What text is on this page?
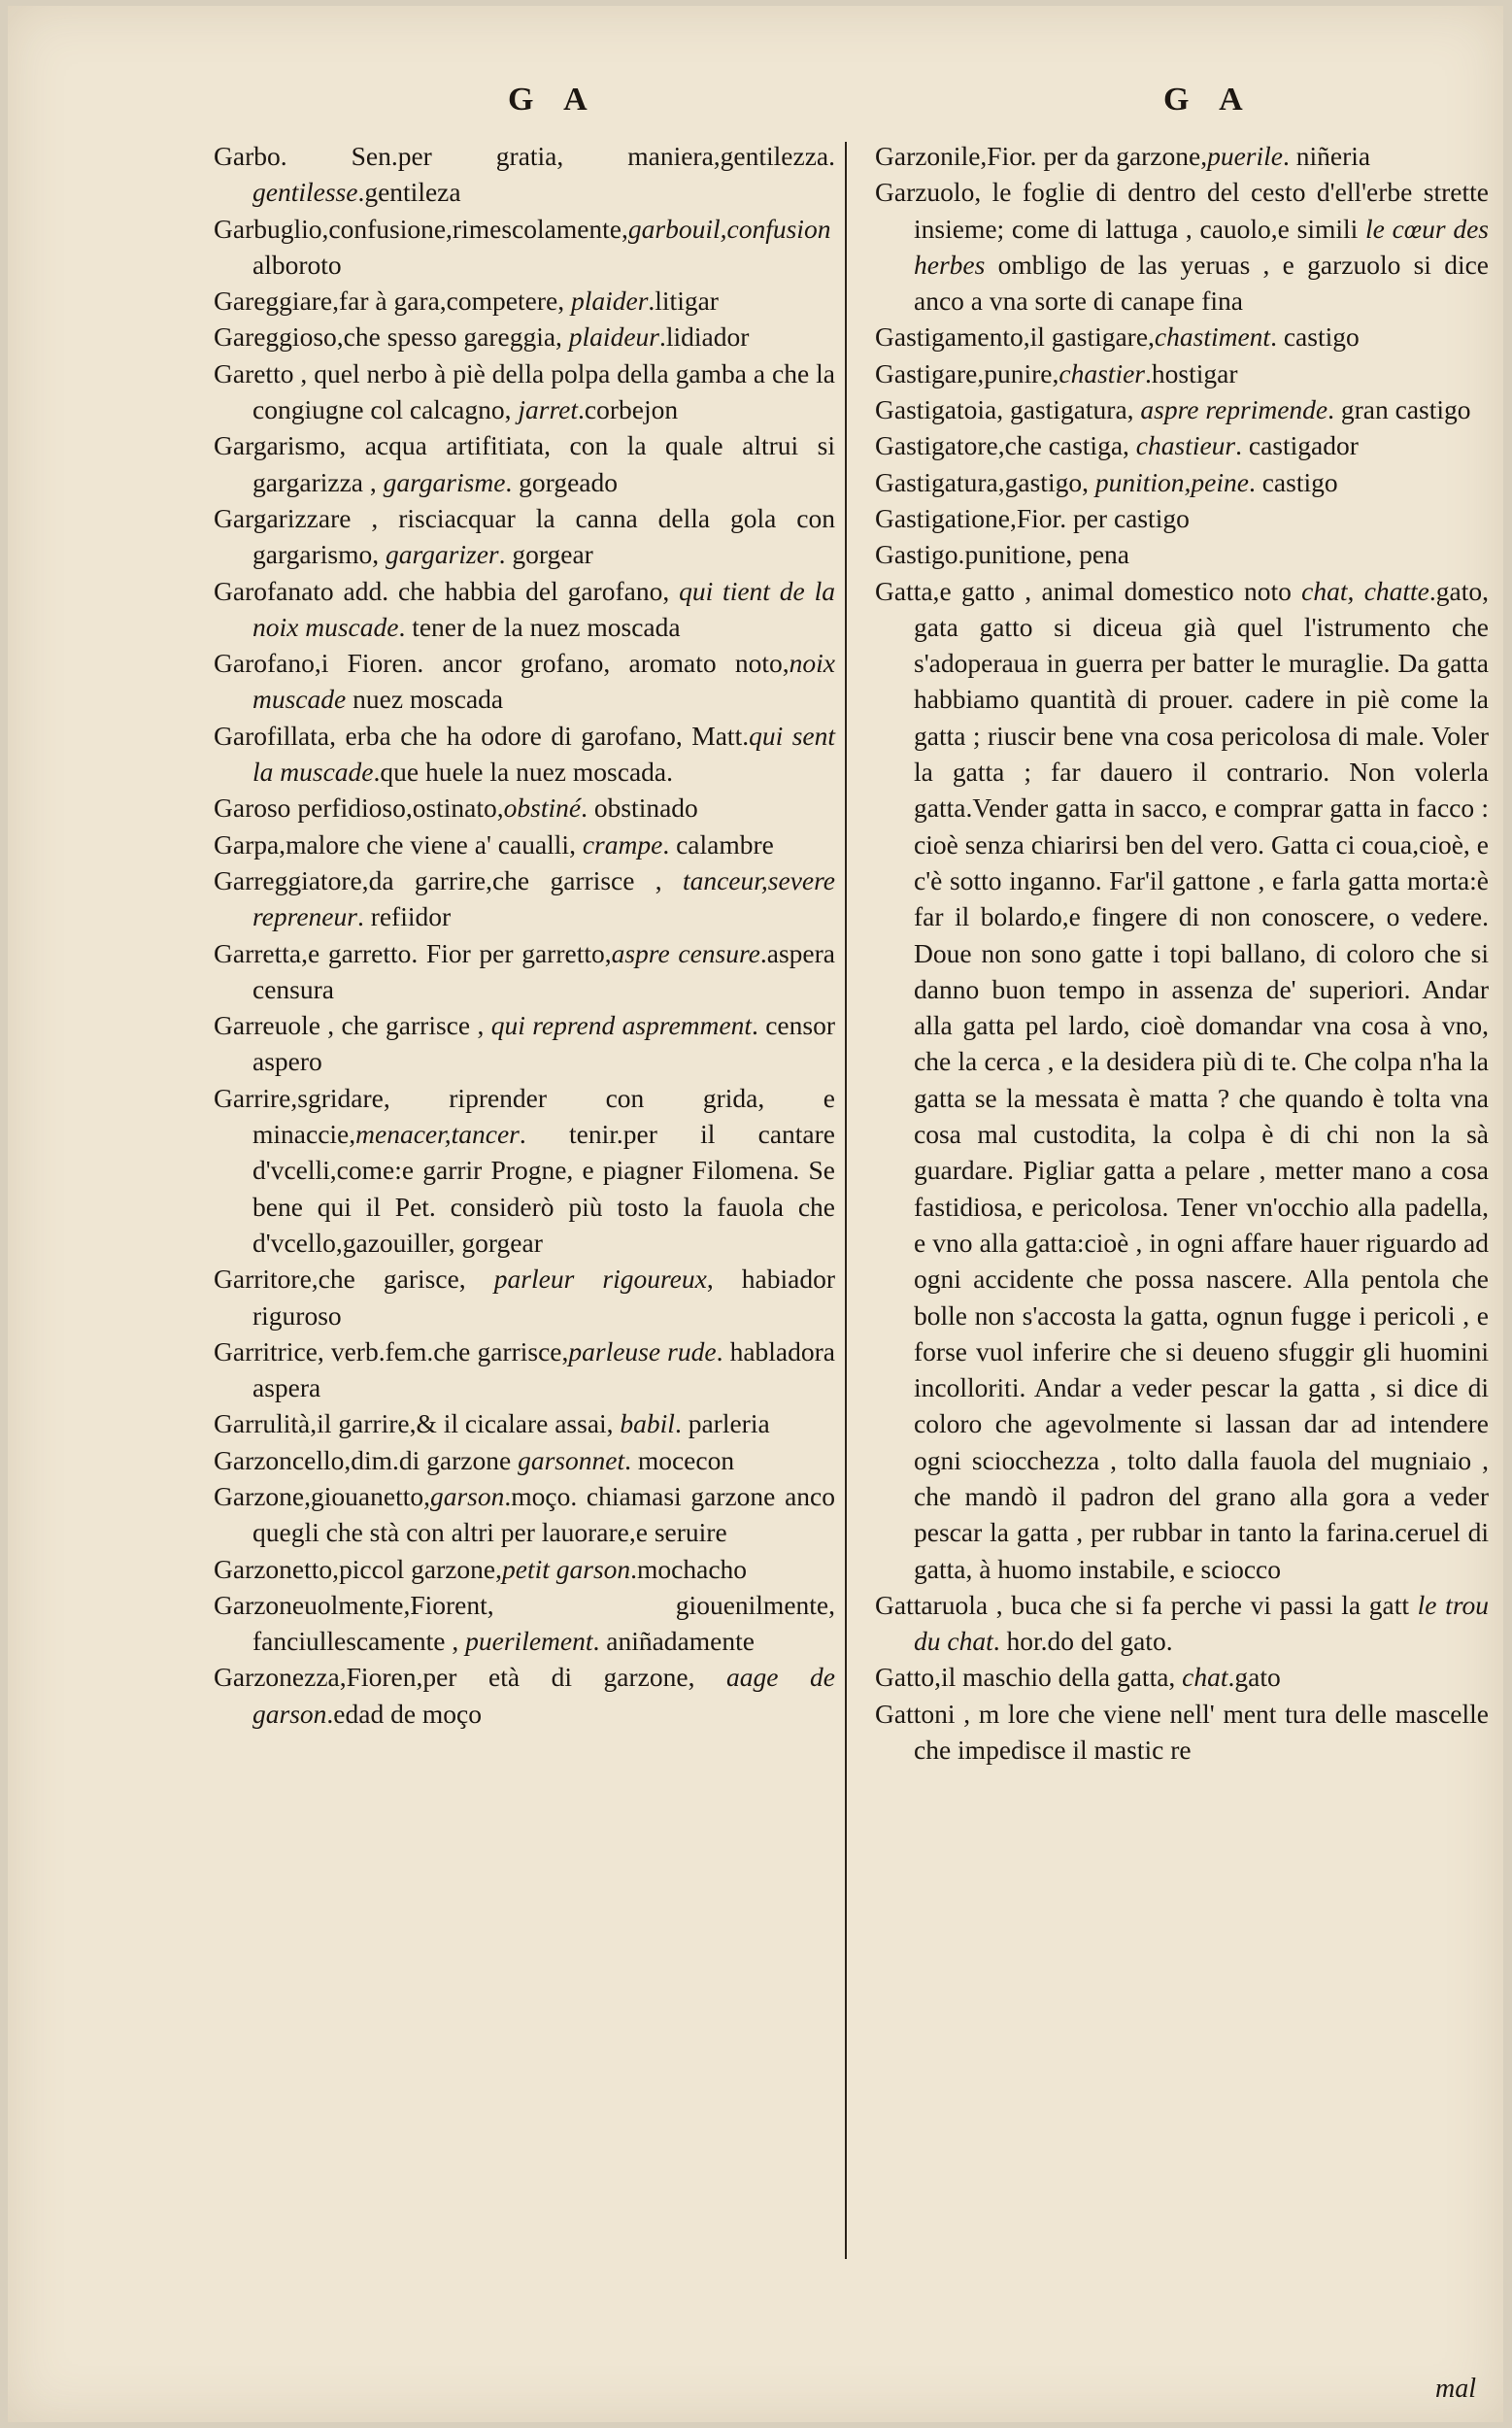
G A	G A

Garbo. Sen.per gratia, maniera,gentilezza. gentilesse.gentileza

Garbuglio,confusione,rimescolamente,garbouil,confusion alboroto

Gareggiare,far à gara,competere, plaider.litigar

Gareggioso,che spesso gareggia, plaideur.lidiador

Garetto , quel nerbo à piè della polpa della gamba a che la congiugne col calcagno, jarret.corbejon

Gargarismo, acqua artifitiata, con la quale altrui si gargarizza , gargarisme. gorgeado

Gargarizzare , risciacquar la canna della gola con gargarismo, gargarizer. gorgear

Garofanato add. che habbia del garofano, qui tient de la noix muscade. tener de la nuez moscada

Garofano,i Fioren. ancor grofano, aromato noto,noix muscade nuez moscada

Garofillata, erba che ha odore di garofano, Matt.qui sent la muscade.que huele la nuez moscada.

Garoso perfidioso,ostinato,obstiné. obstinado

Garpa,malore che viene a' caualli, crampe. calambre

Garreggiatore,da garrire,che garrisce , tanceur,severe repreneur. refiidor

Garretta,e garretto. Fior per garretto,aspre censure.aspera censura

Garreuole , che garrisce , qui reprend aspremment. censor aspero

Garrire,sgridare, riprender con grida, e minaccie,menacer,tancer. tenir.per il cantare d'vcelli,come:e garrir Progne, e piagner Filomena. Se bene qui il Pet. considerò più tosto la fauola che d'vcello,gazouiller, gorgear

Garritore,che garisce, parleur rigoureux, habiador riguroso

Garritrice, verb.fem.che garrisce,parleuse rude. habladora aspera

Garrulità,il garrire,& il cicalare assai, babil. parleria

Garzoncello,dim.di garzone garsonnet. mocecon

Garzone,giouanetto,garson.moço. chiamasi garzone anco quegli che stà con altri per lauorare,e seruire

Garzonetto,piccol garzone,petit garson.mochacho

Garzoneuolmente,Fiorent, giouenilmente, fanciullescamente , puerilement. aniñadamente

Garzonezza,Fioren,per età di garzone, aage de garson.edad de moço

Garzonile,Fior. per da garzone,puerile. niñeria

Garzuolo, le foglie di dentro del cesto d'ell'erbe strette insieme; come di lattuga , cauolo,e simili le cœur des herbes ombligo de las yeruas , e garzuolo si dice anco a vna sorte di canape fina

Gastigamento,il gastigare,chastiment. castigo

Gastigare,punire,chastier.hostigar

Gastigatoia, gastigatura, aspre reprimende. gran castigo

Gastigatore,che castiga, chastieur. castigador

Gastigatura,gastigo, punition,peine. castigo

Gastigatione,Fior. per castigo

Gastigo.punitione, pena

Gatta,e gatto , animal domestico noto chat, chatte.gato, gata gatto si diceua già quel l'istrumento che s'adoperaua in guerra per batter le muraglie. Da gatta habbiamo quantità di prouer. cadere in piè come la gatta ; riuscir bene vna cosa pericolosa di male. Voler la gatta ; far dauero il contrario. Non volerla gatta.Vender gatta in sacco, e comprar gatta in facco : cioè senza chiarirsi ben del vero. Gatta ci coua,cioè, e c'è sotto inganno. Far'il gattone , e farla gatta morta:è far il bolardo,e fingere di non conoscere, o vedere. Doue non sono gatte i topi ballano, di coloro che si danno buon tempo in assenza de' superiori. Andar alla gatta pel lardo, cioè domandar vna cosa à vno, che la cerca , e la desidera più di te. Che colpa n'ha la gatta se la messata è matta ? che quando è tolta vna cosa mal custodita, la colpa è di chi non la sà guardare. Pigliar gatta a pelare , metter mano a cosa fastidiosa, e pericolosa. Tener vn'occhio alla padella, e vno alla gatta:cioè , in ogni affare hauer riguardo ad ogni accidente che possa nascere. Alla pentola che bolle non s'accosta la gatta, ognun fugge i pericoli , e forse vuol inferire che si deueno sfuggir gli huomini incolloriti. Andar a veder pescar la gatta , si dice di coloro che agevolmente si lassan dar ad intendere ogni sciocchezza , tolto dalla fauola del mugniaio , che mandò il padron del grano alla gora a veder pescar la gatta , per rubbar in tanto la farina.ceruel di gatta, à huomo instabile, e sciocco

Gattaruola , buca che si fa perche vi passi la gatt le trou du chat. hor.do del gato.

Gatto,il maschio della gatta, chat.gato

Gattoni , m lore che viene nell' ment tura delle mascelle che impedisce il mastic re

mal
